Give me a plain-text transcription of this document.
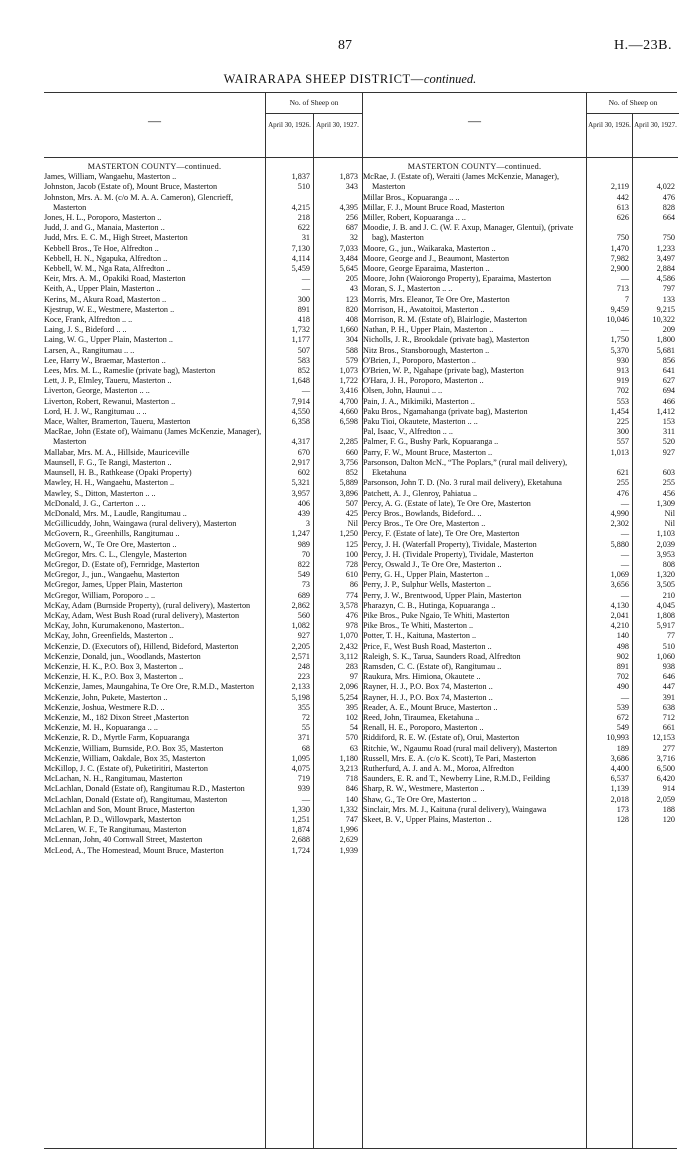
87	H.—23B.
WAIRARAPA SHEEP DISTRICT—continued.
—
No. of Sheep on
April 30, 1926. April 30, 1927.
MASTERTON COUNTY—continued.
James, William, Wangaehu, Masterton ..	1,837	1,873
Johnston, Jacob (Estate of), Mount Bruce, Masterton	510	343
Johnston, Mrs. A. M. (c/o M. A. A. Cameron), Glencrieff, Masterton	4,215	4,395
Jones, H. L., Poroporo, Masterton ..	218	256
Judd, J. and G., Manaia, Masterton ..	622	687
Judd, Mrs. E. C. M., High Street, Masterton	31	32
Kebbell Bros., Te Hoe, Alfredton ..	7,130	7,033
Kebbell, H. N., Ngapuka, Alfredton ..	4,114	3,484
Kebbell, W. M., Nga Rata, Alfredton ..	5,459	5,645
Keir, Mrs. A. M., Opakiki Road, Masterton	—	205
Keith, A., Upper Plain, Masterton ..	—	43
Kerins, M., Akura Road, Masterton ..	300	123
Kjestrup, W. E., Westmere, Masterton ..	891	820
Koce, Frank, Alfredton .. ..	418	408
Laing, J. S., Bideford .. ..	1,732	1,660
Laing, W. G., Upper Plain, Masterton ..	1,177	304
Larsen, A., Rangitumau .. ..	507	588
Lee, Harry W., Braemar, Masterton ..	583	579
Lees, Mrs. M. L., Rameslie (private bag), Masterton	852	1,073
Lett, J. P., Elmley, Taueru, Masterton ..	1,648	1,722
Liverton, George, Masterton .. ..	—	3,416
Liverton, Robert, Rewanui, Masterton ..	7,914	4,700
Lord, H. J. W., Rangitumau .. ..	4,550	4,660
Mace, Walter, Bramerton, Taueru, Masterton	6,358	6,598
MacRae, John (Estate of), Waimanu (James McKenzie, Manager), Masterton	4,317	2,285
Mallabar, Mrs. M. A., Hillside, Mauriceville	670	660
Maunsell, F. G., Te Rangi, Masterton ..	2,917	3,756
Maunsell, H. B., Rathkease (Opaki Property)	602	852
Mawley, H. H., Wangaehu, Masterton ..	5,321	5,889
Mawley, S., Ditton, Masterton .. ..	3,957	3,896
McDonald, J. G., Carterton .. ..	406	507
McDonald, Mrs. M., Laudle, Rangitumau ..	439	425
McGillicuddy, John, Waingawa (rural delivery), Masterton	3	Nil
McGovern, R., Greenhills, Rangitumau ..	1,247	1,250
McGovern, W., Te Ore Ore, Masterton ..	989	125
McGregor, Mrs. C. L., Clengyle, Masterton	70	100
McGregor, D. (Estate of), Fernridge, Masterton	822	728
McGregor, J., jun., Wangaehu, Masterton	549	610
McGregor, James, Upper Plain, Masterton	73	86
McGregor, William, Poroporo .. ..	689	774
McKay, Adam (Burnside Property), (rural delivery), Masterton	2,862	3,578
McKay, Adam, West Bush Road (rural delivery), Masterton	560	476
McKay, John, Kurumakenono, Masterton..	1,082	978
McKay, John, Greenfields, Masterton ..	927	1,070
McKenzie, D. (Executors of), Hillend, Bideford, Masterton	2,205	2,432
McKenzie, Donald, jun., Woodlands, Masterton	2,571	3,112
McKenzie, H. K., P.O. Box 3, Masterton ..	248	283
McKenzie, H. K., P.O. Box 3, Masterton ..	223	97
McKenzie, James, Maungahina, Te Ore Ore, R.M.D., Masterton	2,133	2,096
McKenzie, John, Pukete, Masterton ..	5,198	5,254
McKenzie, Joshua, Westmere R.D. ..	355	395
McKenzie, M., 182 Dixon Street ,Masterton	72	102
McKenzie, M. H., Kopuaranga .. ..	55	54
McKenzie, R. D., Myrtle Farm, Kopuaranga	371	570
McKenzie, William, Burnside, P.O. Box 35, Masterton	68	63
McKenzie, William, Oakdale, Box 35, Masterton	1,095	1,180
McKillop, J. C. (Estate of), Puketiritiri, Masterton	4,075	3,213
McLachan, N. H., Rangitumau, Masterton	719	718
McLachlan, Donald (Estate of), Rangitumau R.D., Masterton	939	846
McLachlan, Donald (Estate of), Rangitumau, Masterton	—	140
McLachlan and Son, Mount Bruce, Masterton	1,330	1,332
McLachlan, P. D., Willowpark, Masterton	1,251	747
McLaren, W. F., Te Rangitumau, Masterton	1,874	1,996
McLennan, John, 40 Cornwall Street, Masterton	2,688	2,629
McLeod, A., The Homestead, Mount Bruce, Masterton	1,724	1,939
—
No. of Sheep on
April 30, 1926. April 30, 1927.
MASTERTON COUNTY—continued.
McRae, J. (Estate of), Weraiti (James McKenzie, Manager), Masterton	2,119	4,022
Millar Bros., Kopuaranga .. ..	442	476
Millar, F. J., Mount Bruce Road, Masterton	613	828
Miller, Robert, Kopuaranga .. ..	626	664
Moodie, J. B. and J. C. (W. F. Axup, Manager, Glentui), (private bag), Masterton	750	750
Moore, G., jun., Waikaraka, Masterton ..	1,470	1,233
Moore, George and J., Beaumont, Masterton	7,982	3,497
Moore, George Eparaima, Masterton ..	2,900	2,884
Moore, John (Waiorongo Property), Eparaima, Masterton	—	4,586
Moran, S. J., Masterton .. ..	713	797
Morris, Mrs. Eleanor, Te Ore Ore, Masterton	7	133
Morrison, H., Awatoitoi, Masterton ..	9,459	9,215
Morrison, R. M. (Estate of), Blairlogie, Masterton	10,046	10,322
Nathan, P. H., Upper Plain, Masterton ..	—	209
Nicholls, J. R., Brookdale (private bag), Masterton	1,750	1,800
Nitz Bros., Stansborough, Masterton ..	5,370	5,681
O'Brien, J., Poroporo, Masterton ..	930	856
O'Brien, W. P., Ngahape (private bag), Masterton	913	641
O'Hara, J. H., Poroporo, Masterton ..	919	627
Olsen, John, Haunui .. ..	702	694
Pain, J. A., Mikimiki, Masterton ..	553	466
Paku Bros., Ngamahanga (private bag), Masterton	1,454	1,412
Paku Tioi, Okautete, Masterton .. ..	225	153
Pal, Isaac, V., Alfredton .. ..	300	311
Palmer, F. G., Bushy Park, Kopuaranga ..	557	520
Parry, F. W., Mount Bruce, Masterton ..	1,013	927
Parsonson, Dalton McN., “The Poplars,” (rural mail delivery), Eketahuna	621	603
Parsonson, John T. D. (No. 3 rural mail delivery), Eketahuna	255	255
Patchett, A. J., Glenroy, Pahiatua ..	476	456
Percy, A. G. (Estate of late), Te Ore Ore, Masterton	—	1,309
Percy Bros., Bowlands, Bideford.. ..	4,990	Nil
Percy Bros., Te Ore Ore, Masterton ..	2,302	Nil
Percy, F. (Estate of late), Te Ore Ore, Masterton	—	1,103
Percy, J. H. (Waterfall Property), Tividale, Masterton	5,880	2,039
Percy, J. H. (Tividale Property), Tividale, Masterton	—	3,953
Percy, Oswald J., Te Ore Ore, Masterton ..	—	808
Perry, G. H., Upper Plain, Masterton ..	1,069	1,320
Perry, J. P., Sulphur Wells, Masterton ..	3,656	3,505
Perry, J. W., Brentwood, Upper Plain, Masterton	—	210
Pharazyn, C. B., Hutinga, Kopuaranga ..	4,130	4,045
Pike Bros., Puke Ngaio, Te Whiti, Masterton	2,041	1,808
Pike Bros., Te Whiti, Masterton ..	4,210	5,917
Potter, T. H., Kaituna, Masterton ..	140	77
Price, F., West Bush Road, Masterton ..	498	510
Raleigh, S. K., Tarua, Saunders Road, Alfredton	902	1,060
Ramsden, C. C. (Estate of), Rangitumau ..	891	938
Raukura, Mrs. Himiona, Okautete ..	702	646
Rayner, H. J., P.O. Box 74, Masterton ..	490	447
Rayner, H. J., P.O. Box 74, Masterton ..	—	391
Reader, A. E., Mount Bruce, Masterton ..	539	638
Reed, John, Tiraumea, Eketahuna ..	672	712
Renall, H. E., Poroporo, Masterton ..	549	661
Riddiford, R. E. W. (Estate of), Orui, Masterton	10,993	12,153
Ritchie, W., Ngaumu Road (rural mail delivery), Masterton	189	277
Russell, Mrs. E. A. (c/o K. Scott), Te Pari, Masterton	3,686	3,716
Rutherfurd, A. J. and A. M., Moroa, Alfredton	4,400	6,500
Saunders, E. R. and T., Newberry Line, R.M.D., Feilding	6,537	6,420
Sharp, R. W., Westmere, Masterton ..	1,139	914
Shaw, G., Te Ore Ore, Masterton ..	2,018	2,059
Sinclair, Mrs. M. J., Kaituna (rural delivery), Waingawa	173	188
Skeet, B. V., Upper Plains, Masterton ..	128	120
